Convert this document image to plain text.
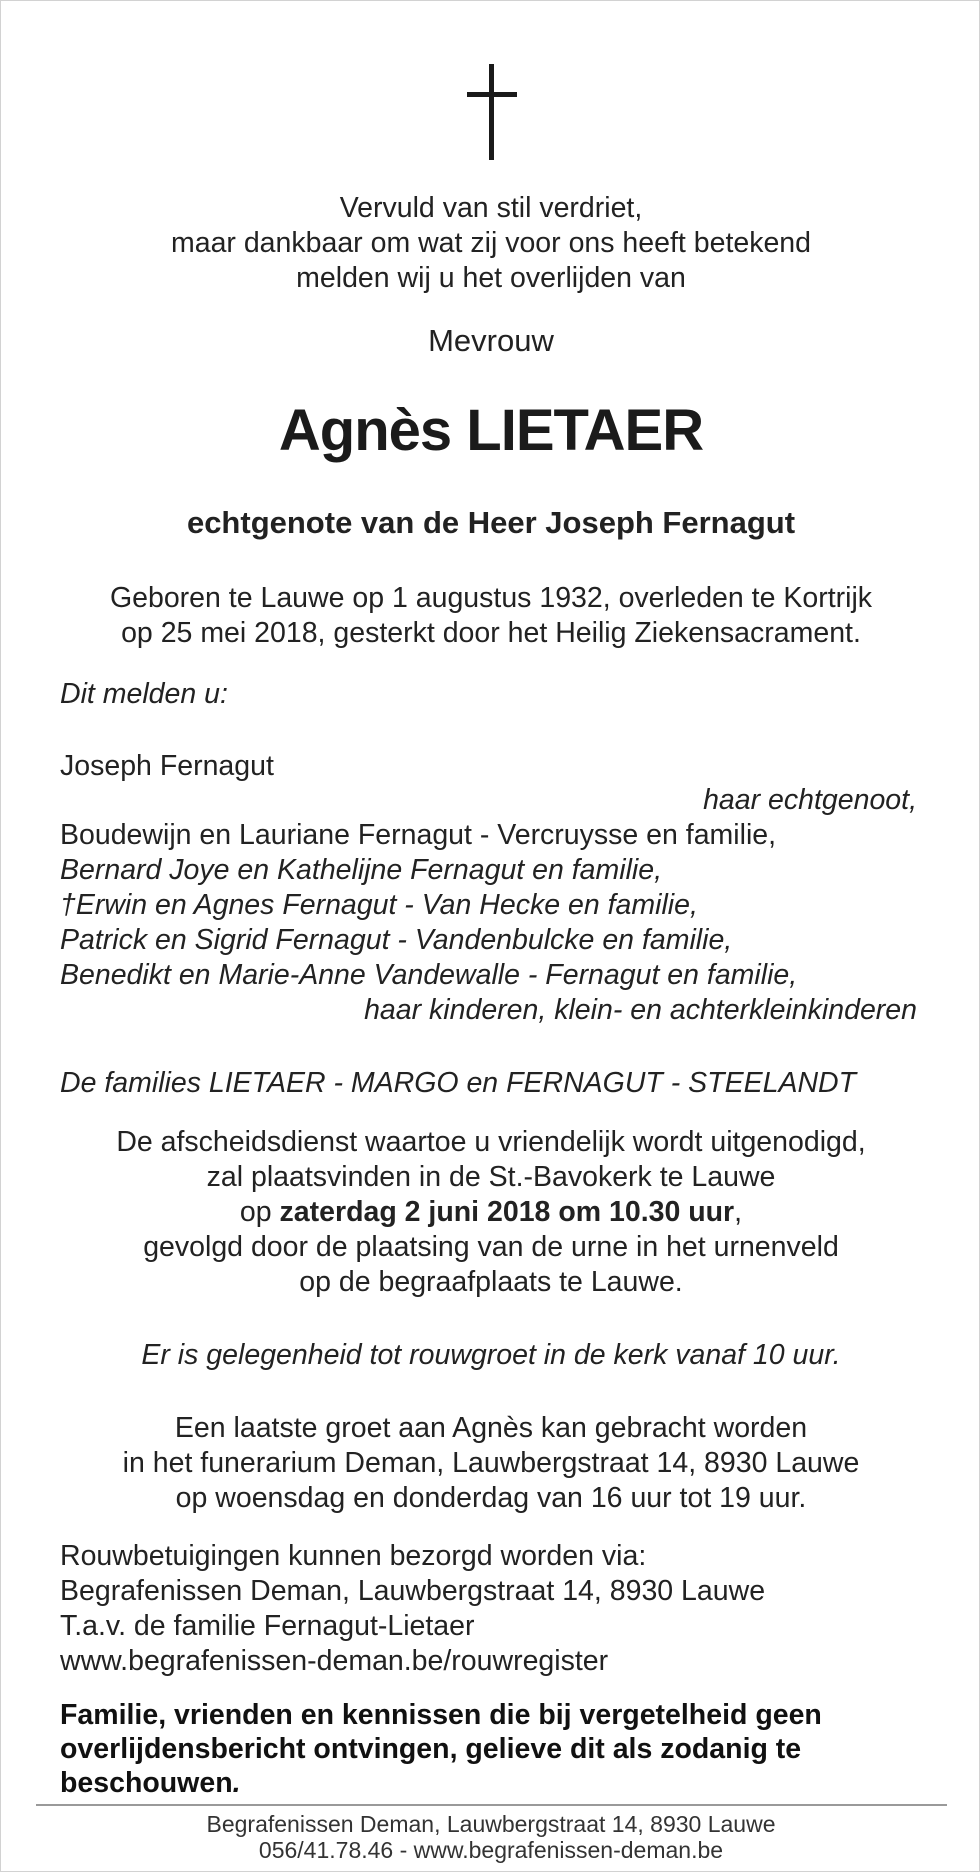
Vervuld van stil verdriet,
maar dankbaar om wat zij voor ons heeft betekend
melden wij u het overlijden van
Mevrouw
Agnès LIETAER
echtgenote van de Heer Joseph Fernagut
Geboren te Lauwe op 1 augustus 1932, overleden te Kortrijk
op 25 mei 2018, gesterkt door het Heilig Ziekensacrament.
Dit melden u:
Joseph Fernagut
haar echtgenoot,
Boudewijn en Lauriane Fernagut - Vercruysse en familie,
Bernard Joye en Kathelijne Fernagut en familie,
†Erwin en Agnes Fernagut - Van Hecke en familie,
Patrick en Sigrid Fernagut - Vandenbulcke en familie,
Benedikt en Marie-Anne Vandewalle - Fernagut en familie,
haar kinderen, klein- en achterkleinkinderen
De families LIETAER - MARGO en FERNAGUT - STEELANDT
De afscheidsdienst waartoe u vriendelijk wordt uitgenodigd,
zal plaatsvinden in de St.-Bavokerk te Lauwe
op zaterdag 2 juni 2018 om 10.30 uur,
gevolgd door de plaatsing van de urne in het urnenveld
op de begraafplaats te Lauwe.
Er is gelegenheid tot rouwgroet in de kerk vanaf 10 uur.
Een laatste groet aan Agnès kan gebracht worden
in het funerarium Deman, Lauwbergstraat 14, 8930 Lauwe
op woensdag en donderdag van 16 uur tot 19 uur.
Rouwbetuigingen kunnen bezorgd worden via:
Begrafenissen Deman, Lauwbergstraat 14, 8930 Lauwe
T.a.v. de familie Fernagut-Lietaer
www.begrafenissen-deman.be/rouwregister
Familie, vrienden en kennissen die bij vergetelheid geen
overlijdensbericht ontvingen, gelieve dit als zodanig te
beschouwen.
Begrafenissen Deman, Lauwbergstraat 14, 8930 Lauwe
056/41.78.46 - www.begrafenissen-deman.be
